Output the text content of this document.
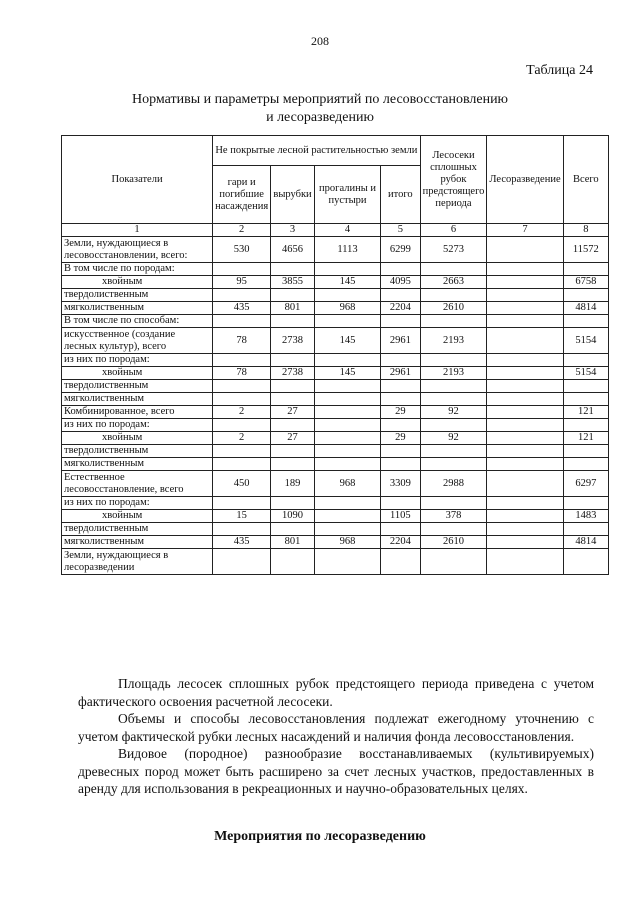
208
Таблица 24
Нормативы и параметры мероприятий по лесовосстановлению
и лесоразведению
Показатели	Не покрытые лесной растительностью земли				Лесосеки сплошных рубок предстоящего периода	Лесоразведение	Всего
	гари и погибшие насаждения	вырубки	прогалины и пустыри	итого			
1	2	3	4	5	6	7	8
Земли, нуждающиеся в лесовосстановлении, всего:	530	4656	1113	6299	5273		11572
В том числе по породам:							
хвойным	95	3855	145	4095	2663		6758
твердолиственным							
мягколиственным	435	801	968	2204	2610		4814
В том числе по способам:							
искусственное (создание лесных культур), всего	78	2738	145	2961	2193		5154
из них по породам:							
хвойным	78	2738	145	2961	2193		5154
твердолиственным							
мягколиственным							
Комбинированное, всего	2	27		29	92		121
из них по породам:							
хвойным	2	27		29	92		121
твердолиственным							
мягколиственным							
Естественное лесовосстановление, всего	450	189	968	3309	2988		6297
из них по породам:							
хвойным	15	1090		1105	378		1483
твердолиственным							
мягколиственным	435	801	968	2204	2610		4814
Земли, нуждающиеся в лесоразведении							

Площадь лесосек сплошных рубок предстоящего периода приведена с учетом фактического освоения расчетной лесосеки.

Объемы и способы лесовосстановления подлежат ежегодному уточнению с учетом фактической рубки лесных насаждений и наличия фонда лесовосстановления.

Видовое (породное) разнообразие восстанавливаемых (культивируемых) древесных пород может быть расширено за счет лесных участков, предоставленных в аренду для использования в рекреационных и научно-образовательных целях.

Мероприятия по лесоразведению
